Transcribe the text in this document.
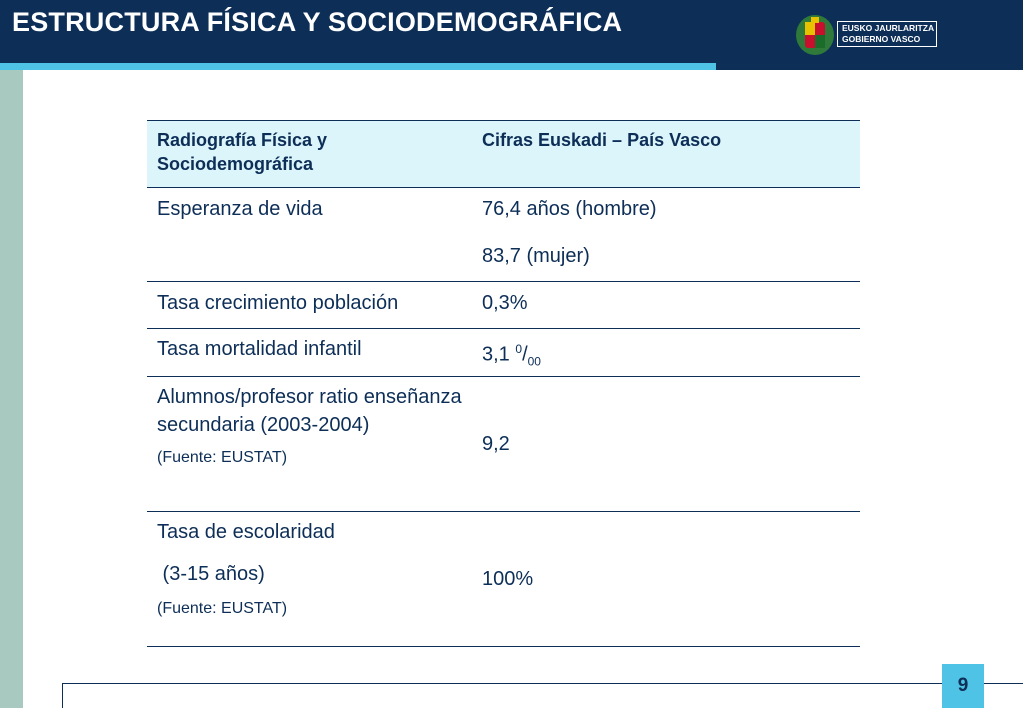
ESTRUCTURA FÍSICA Y SOCIODEMOGRÁFICA	EUSKO JAURLARITZA
GOBIERNO VASCO
Radiografía Física y Sociodemográfica	Cifras Euskadi – País Vasco
Esperanza de vida	76,4 años (hombre)
83,7 (mujer)

Tasa crecimiento población	0,3%
Tasa mortalidad infantil	3,1 $^0/_{00}$

Alumnos/profesor ratio enseñanza secundaria (2003-2004)
(Fuente: EUSTAT)	9,2

Tasa de escolaridad
(3-15 años)
(Fuente: EUSTAT)	100%
9
